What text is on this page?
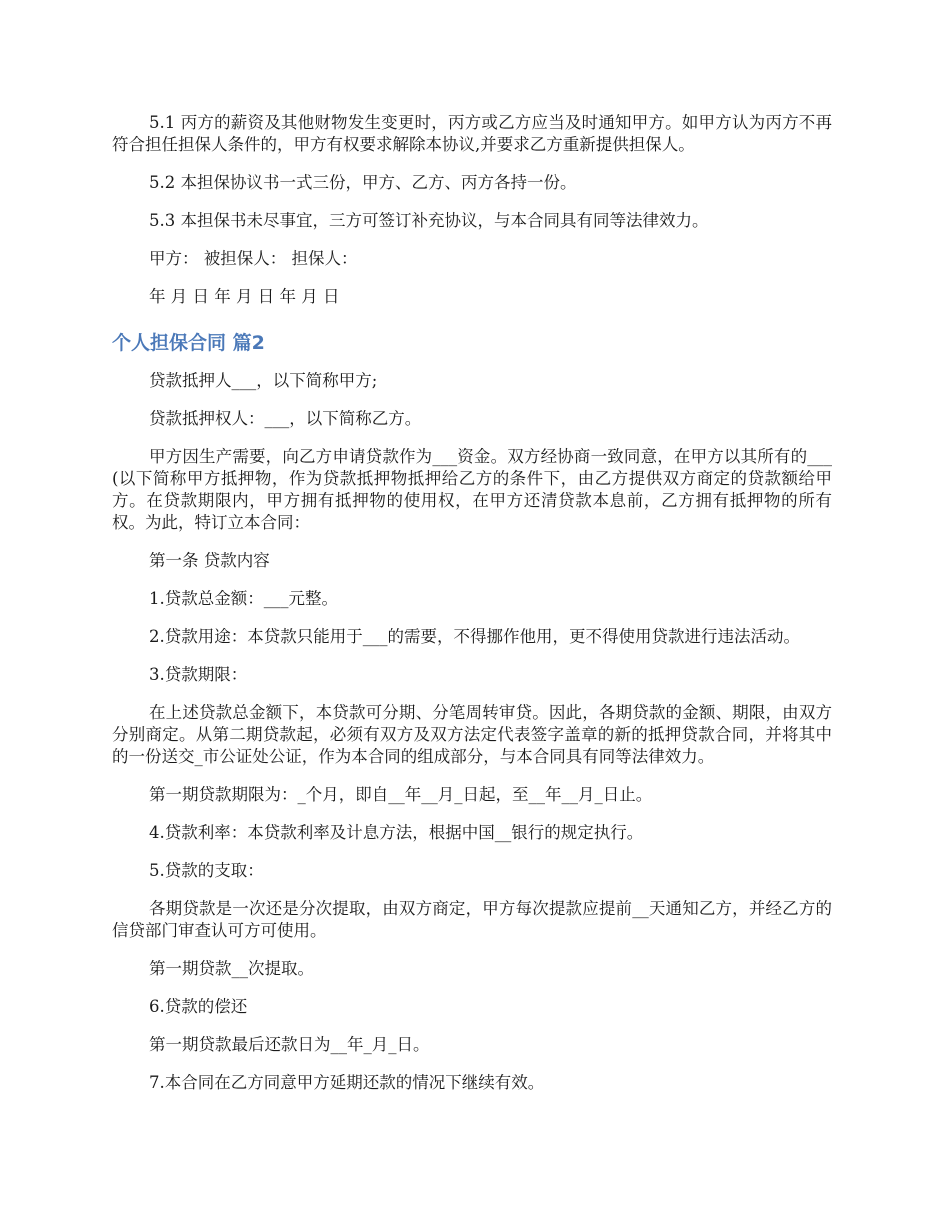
5.1 丙方的薪资及其他财物发生变更时，丙方或乙方应当及时通知甲方。如甲方认为丙方不再符合担任担保人条件的，甲方有权要求解除本协议,并要求乙方重新提供担保人。

5.2 本担保协议书一式三份，甲方、乙方、丙方各持一份。

5.3 本担保书未尽事宜，三方可签订补充协议，与本合同具有同等法律效力。

甲方： 被担保人： 担保人：

年 月 日 年 月 日 年 月 日

个人担保合同 篇2

贷款抵押人___，以下简称甲方;

贷款抵押权人：___，以下简称乙方。

甲方因生产需要，向乙方申请贷款作为___资金。双方经协商一致同意，在甲方以其所有的___(以下简称甲方抵押物，作为贷款抵押物抵押给乙方的条件下，由乙方提供双方商定的贷款额给甲方。在贷款期限内，甲方拥有抵押物的使用权，在甲方还清贷款本息前，乙方拥有抵押物的所有权。为此，特订立本合同：

第一条 贷款内容

1.贷款总金额：___元整。

2.贷款用途：本贷款只能用于___的需要，不得挪作他用，更不得使用贷款进行违法活动。

3.贷款期限：

在上述贷款总金额下，本贷款可分期、分笔周转审贷。因此，各期贷款的金额、期限，由双方分别商定。从第二期贷款起，必须有双方及双方法定代表签字盖章的新的抵押贷款合同，并将其中的一份送交_市公证处公证，作为本合同的组成部分，与本合同具有同等法律效力。

第一期贷款期限为：_个月，即自__年__月_日起，至__年__月_日止。

4.贷款利率：本贷款利率及计息方法，根据中国__银行的规定执行。

5.贷款的支取：

各期贷款是一次还是分次提取，由双方商定，甲方每次提款应提前__天通知乙方，并经乙方的信贷部门审查认可方可使用。

第一期贷款__次提取。

6.贷款的偿还

第一期贷款最后还款日为__年_月_日。

7.本合同在乙方同意甲方延期还款的情况下继续有效。
